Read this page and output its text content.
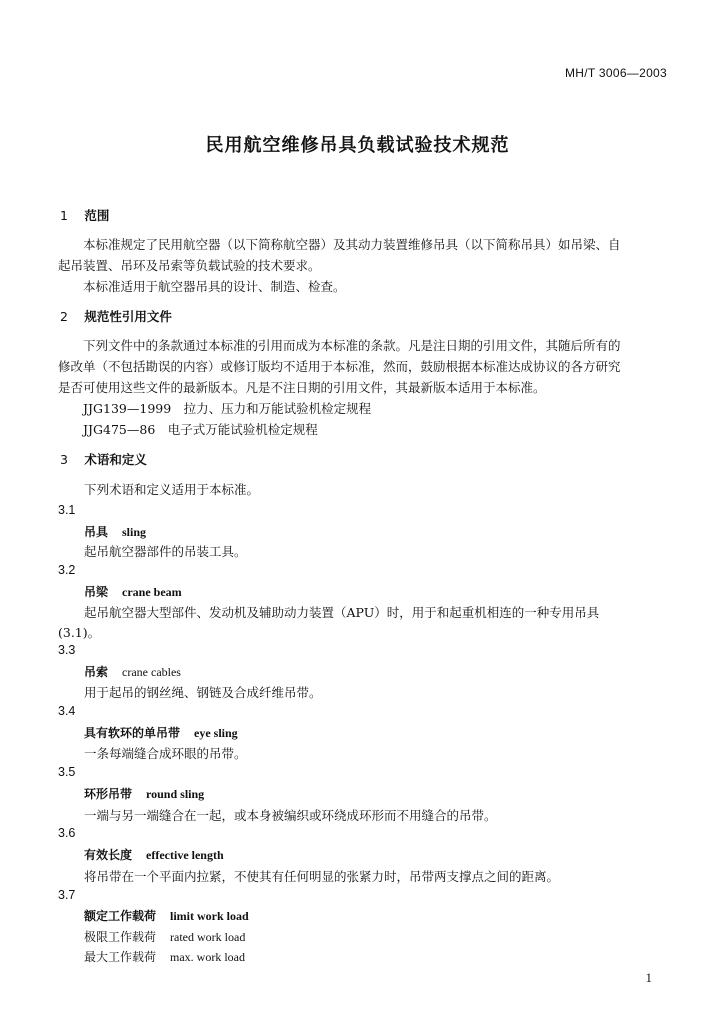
MH/T 3006—2003
民用航空维修吊具负载试验技术规范
1 范围
本标准规定了民用航空器（以下简称航空器）及其动力装置维修吊具（以下简称吊具）如吊梁、自
起吊装置、吊环及吊索等负载试验的技术要求。
本标准适用于航空器吊具的设计、制造、检查。
2 规范性引用文件
下列文件中的条款通过本标准的引用而成为本标准的条款。凡是注日期的引用文件，其随后所有的
修改单（不包括勘误的内容）或修订版均不适用于本标准，然而，鼓励根据本标准达成协议的各方研究
是否可使用这些文件的最新版本。凡是不注日期的引用文件，其最新版本适用于本标准。
JJG139—1999　拉力、压力和万能试验机检定规程
JJG475—86　电子式万能试验机检定规程
3 术语和定义
下列术语和定义适用于本标准。
3.1
吊具 sling
起吊航空器部件的吊装工具。
3.2
吊梁 crane beam
起吊航空器大型部件、发动机及辅助动力装置（APU）时，用于和起重机相连的一种专用吊具
(3.1)。
3.3
吊索 crane cables
用于起吊的钢丝绳、钢链及合成纤维吊带。
3.4
具有软环的单吊带 eye sling
一条每端缝合成环眼的吊带。
3.5
环形吊带 round sling
一端与另一端缝合在一起，或本身被编织或环绕成环形而不用缝合的吊带。
3.6
有效长度 effective length
将吊带在一个平面内拉紧，不使其有任何明显的张紧力时，吊带两支撑点之间的距离。
3.7
额定工作载荷 limit work load
极限工作载荷 rated work load
最大工作载荷 max. work load
1
